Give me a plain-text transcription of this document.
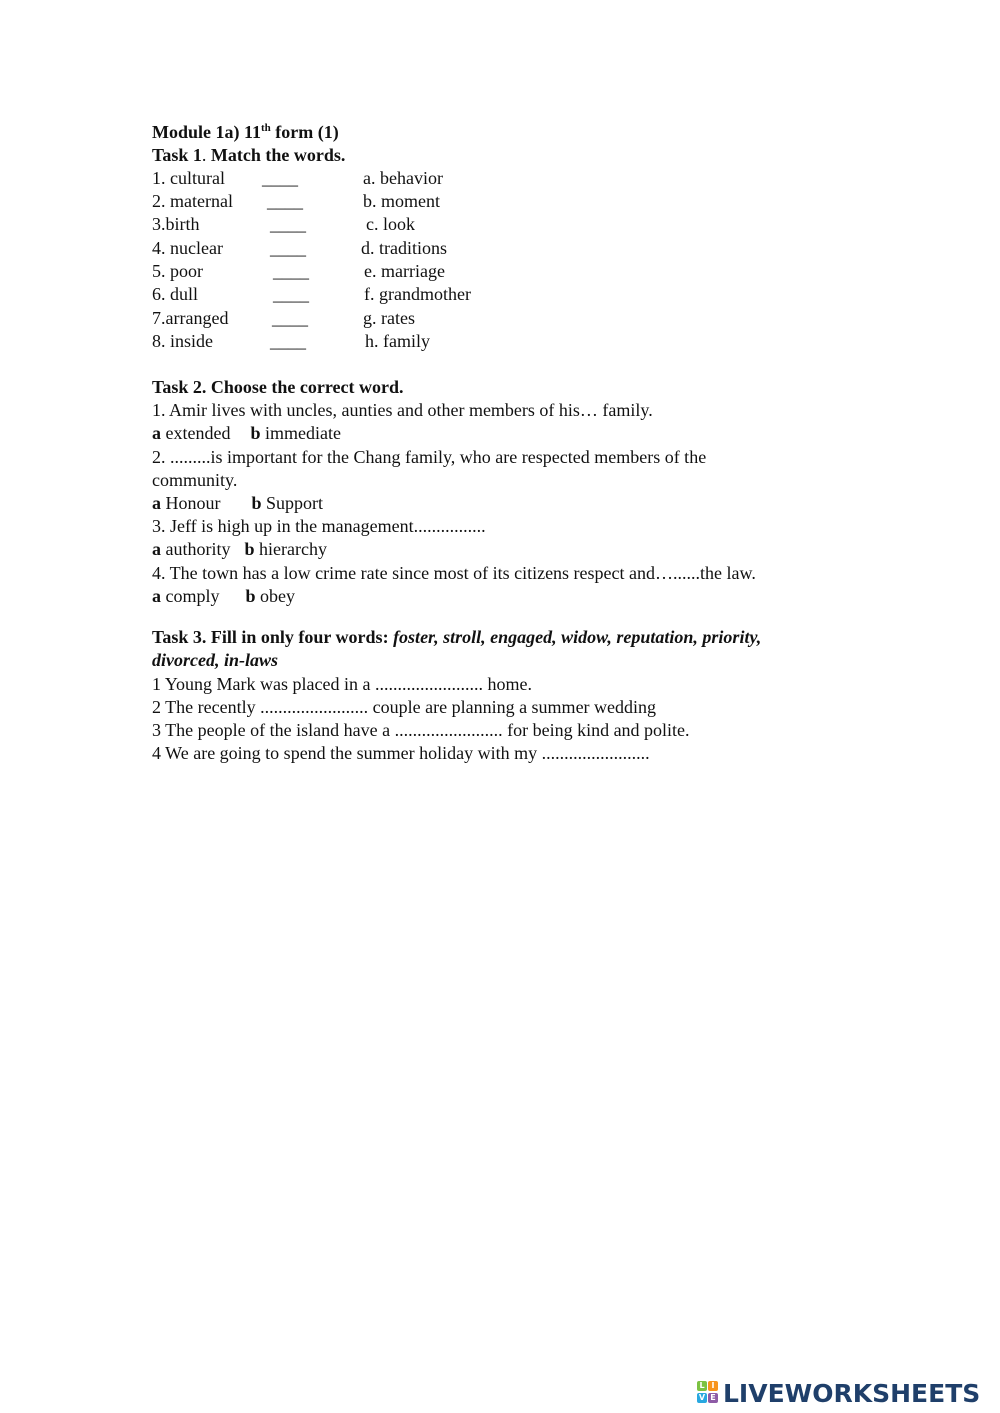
Module 1a) 11th form (1)
Task 1. Match the words.
1. cultural ____	a. behavior
2. maternal ____	b. moment
3.birth	____	c. look
4. nuclear	____	d. traditions
5. poor	____	e. marriage
6. dull	____	f. grandmother
7.arranged ____	g. rates
8. inside	____	h. family
Task 2. Choose the correct word.
1. Amir lives with uncles, aunties and other members of his… family.
a extended b immediate
2. .........is important for the Chang family, who are respected members of the
community.
a Honour b Support
3. Jeff is high up in the management................
a authority b hierarchy
4. The town has a low crime rate since most of its citizens respect and…......the law.
a comply b obey
Task 3. Fill in only four words: foster, stroll, engaged, widow, reputation, priority,
divorced, in-laws
1 Young Mark was placed in a ........................ home.
2 The recently ........................ couple are planning a summer wedding
3 The people of the island have a ........................ for being kind and polite.
4 We are going to spend the summer holiday with my ........................
L I
V E LIVEWORKSHEETS
